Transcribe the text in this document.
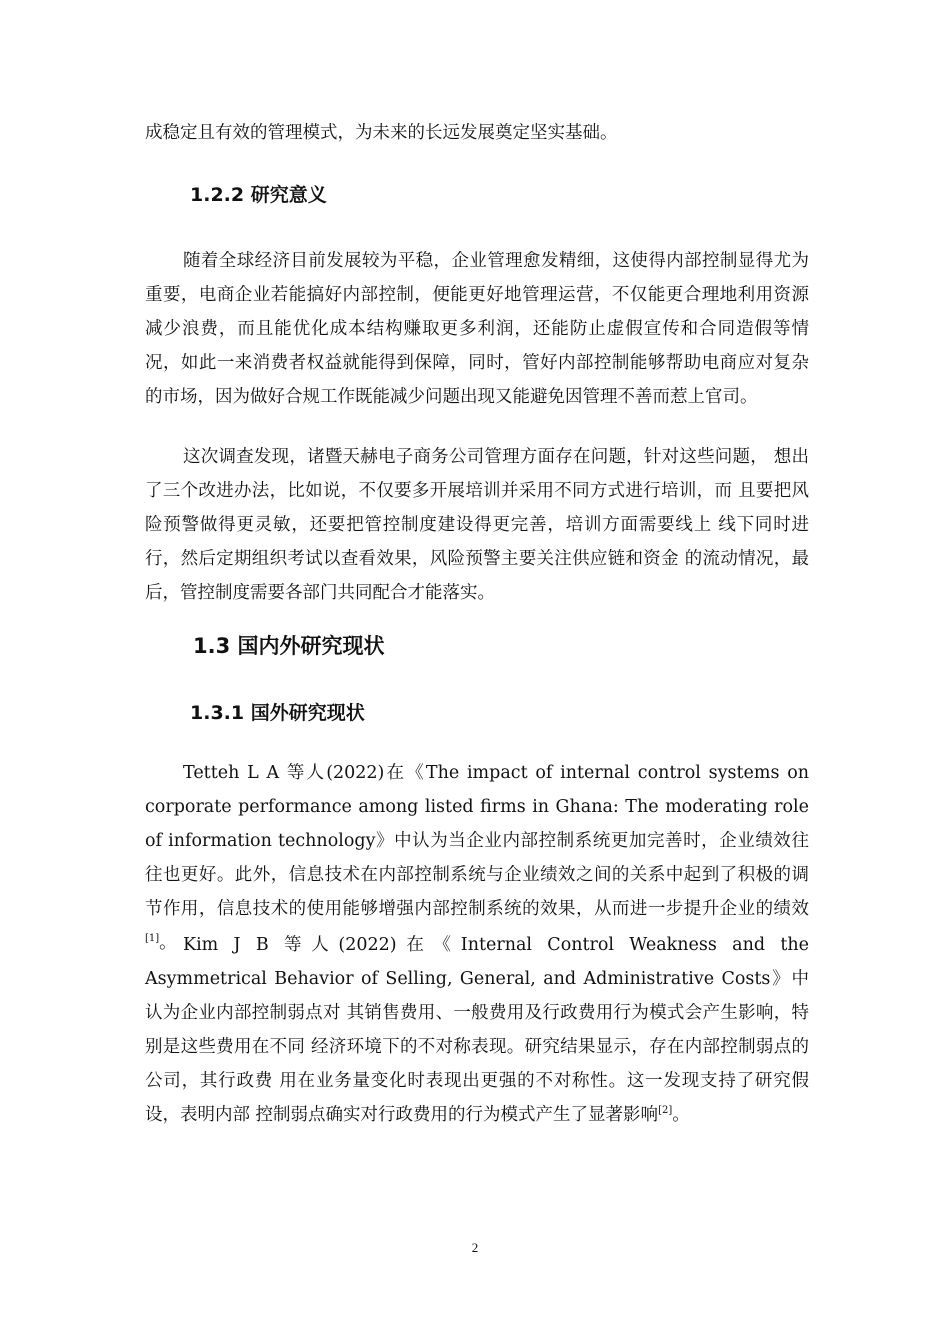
成稳定且有效的管理模式，为未来的长远发展奠定坚实基础。

1.2.2 研究意义

随着全球经济目前发展较为平稳，企业管理愈发精细，这使得内部控制显得尤为重要，电商企业若能搞好内部控制，便能更好地管理运营，不仅能更合理地利用资源减少浪费，而且能优化成本结构赚取更多利润，还能防止虚假宣传和合同造假等情况，如此一来消费者权益就能得到保障，同时，管好内部控制能够帮助电商应对复杂的市场，因为做好合规工作既能减少问题出现又能避免因管理不善而惹上官司。

这次调查发现，诸暨天赫电子商务公司管理方面存在问题，针对这些问题， 想出了三个改进办法，比如说，不仅要多开展培训并采用不同方式进行培训，而 且要把风险预警做得更灵敏，还要把管控制度建设得更完善，培训方面需要线上 线下同时进行，然后定期组织考试以查看效果，风险预警主要关注供应链和资金 的流动情况，最后，管控制度需要各部门共同配合才能落实。

1.3 国内外研究现状
1.3.1 国外研究现状

Tetteh L A 等人(2022)在《The impact of internal control systems on corporate performance among listed firms in Ghana: The moderating role of information technology》中认为当企业内部控制系统更加完善时，企业绩效往往也更好。此外，信息技术在内部控制系统与企业绩效之间的关系中起到了积极的调节作用，信息技术的使用能够增强内部控制系统的效果，从而进一步提升企业的绩效[1]。 Kim J B 等人(2022)在《Internal Control Weakness and the Asymmetrical Behavior of Selling, General, and Administrative Costs》中认为企业内部控制弱点对 其销售费用、一般费用及行政费用行为模式会产生影响，特别是这些费用在不同 经济环境下的不对称表现。研究结果显示，存在内部控制弱点的公司，其行政费 用在业务量变化时表现出更强的不对称性。这一发现支持了研究假设，表明内部 控制弱点确实对行政费用的行为模式产生了显著影响[2]。

2
